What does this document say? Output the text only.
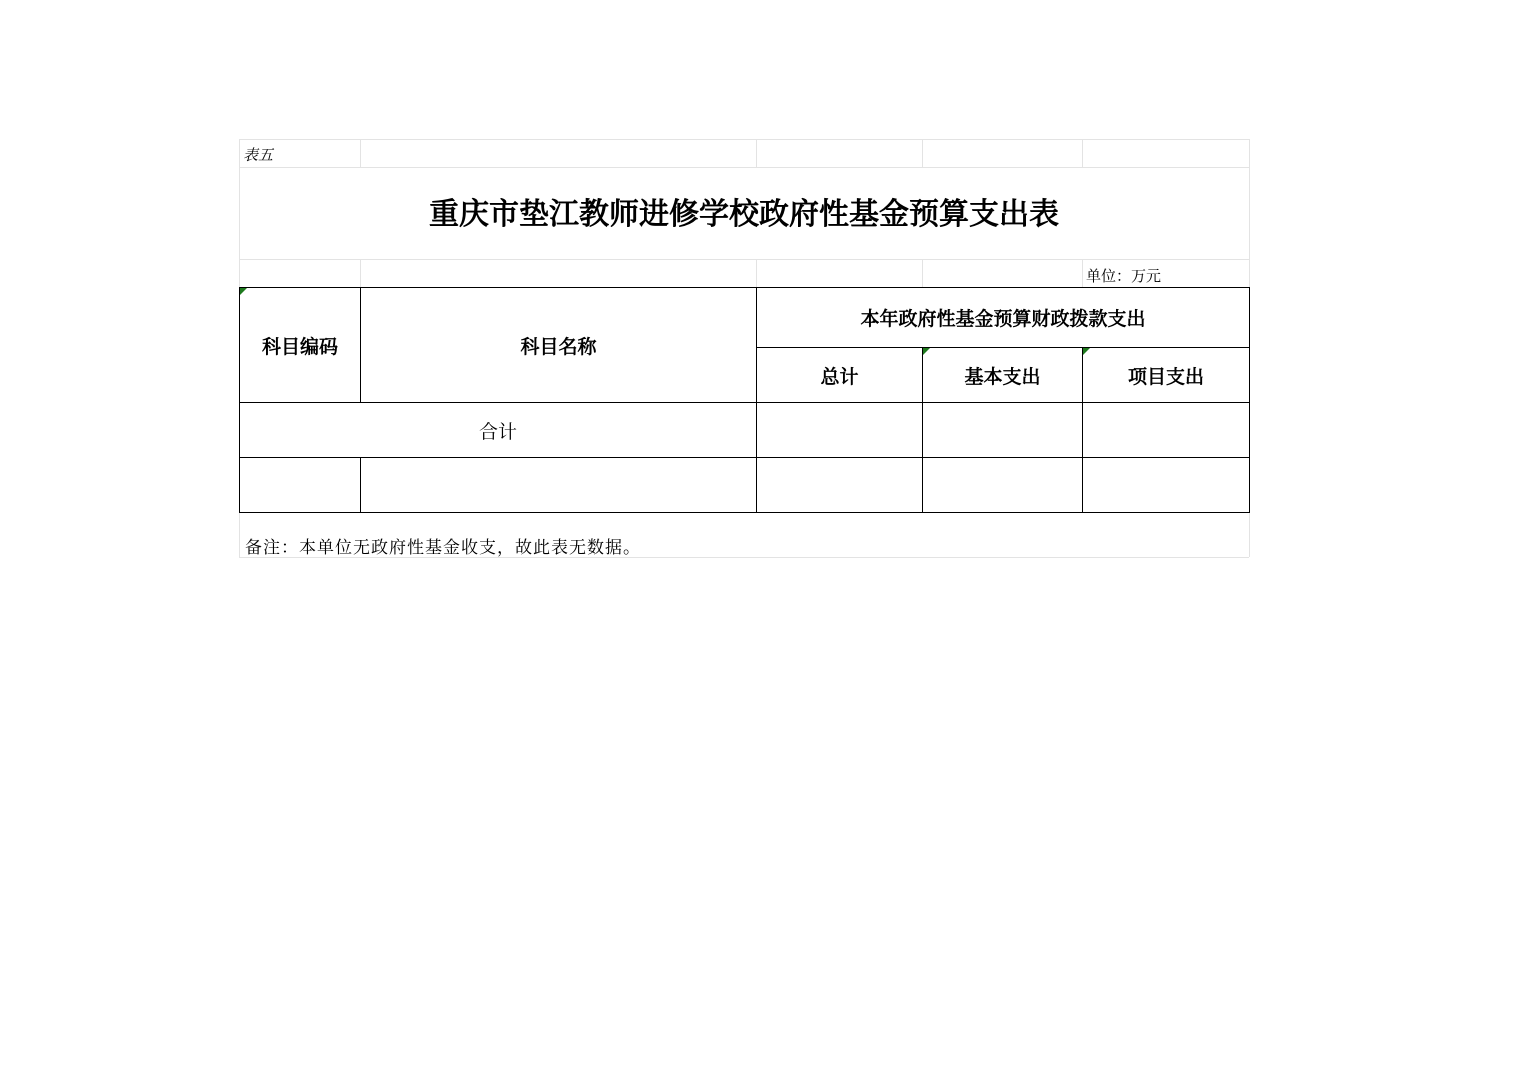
表五
重庆市垫江教师进修学校政府性基金预算支出表
单位：万元
科目编码	科目名称	本年政府性基金预算财政拨款支出		
		总计	基本支出	项目支出
合计				

备注：本单位无政府性基金收支，故此表无数据。
